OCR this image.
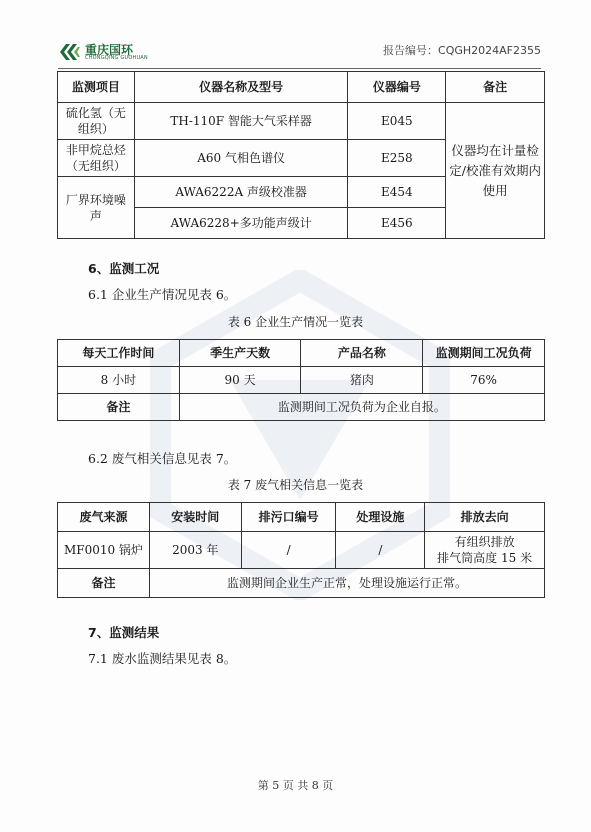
重庆国环
CHONGQING GUOHUAN
报告编号：CQGH2024AF2355
监测项目	仪器名称及型号	仪器编号	备注
硫化氢（无组织）	TH-110F 智能大气采样器	E045	仪器均在计量检定/校准有效期内使用
非甲烷总烃（无组织）	A60 气相色谱仪	E258	
厂界环境噪声	AWA6222A 声级校准器	E454	
	AWA6228+多功能声级计	E456	
6、监测工况
6.1 企业生产情况见表 6。
表 6 企业生产情况一览表
每天工作时间	季生产天数	产品名称	监测期间工况负荷
8 小时	90 天	猪肉	76%
备注	监测期间工况负荷为企业自报。		
6.2 废气相关信息见表 7。
表 7 废气相关信息一览表
废气来源	安装时间	排污口编号	处理设施	排放去向
MF0010 锅炉	2003 年	/	/	有组织排放
排气筒高度 15 米

备注	监测期间企业生产正常，处理设施运行正常。			
7、监测结果
7.1 废水监测结果见表 8。
第 5 页 共 8 页
